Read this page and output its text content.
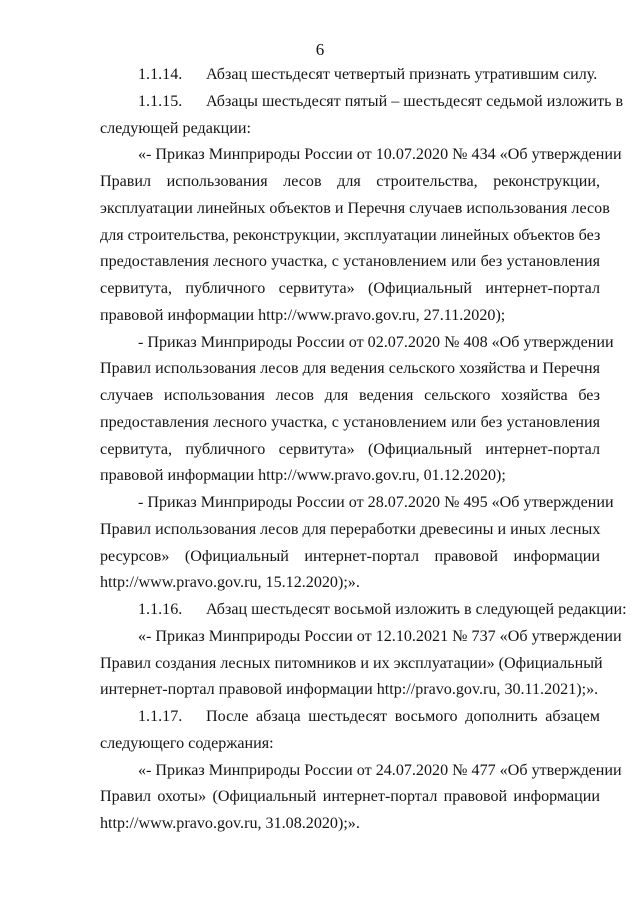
6
1.1.14. Абзац шестьдесят четвертый признать утратившим силу.
1.1.15. Абзацы шестьдесят пятый – шестьдесят седьмой изложить в
следующей редакции:
«- Приказ Минприроды России от 10.07.2020 № 434 «Об утверждении
Правил использования лесов для строительства, реконструкции,
эксплуатации линейных объектов и Перечня случаев использования лесов
для строительства, реконструкции, эксплуатации линейных объектов без
предоставления лесного участка, с установлением или без установления
сервитута, публичного сервитута» (Официальный интернет-портал
правовой информации http://www.pravo.gov.ru, 27.11.2020);
- Приказ Минприроды России от 02.07.2020 № 408 «Об утверждении
Правил использования лесов для ведения сельского хозяйства и Перечня
случаев использования лесов для ведения сельского хозяйства без
предоставления лесного участка, с установлением или без установления
сервитута, публичного сервитута» (Официальный интернет-портал
правовой информации http://www.pravo.gov.ru, 01.12.2020);
- Приказ Минприроды России от 28.07.2020 № 495 «Об утверждении
Правил использования лесов для переработки древесины и иных лесных
ресурсов» (Официальный интернет-портал правовой информации
http://www.pravo.gov.ru, 15.12.2020);».
1.1.16. Абзац шестьдесят восьмой изложить в следующей редакции:
«- Приказ Минприроды России от 12.10.2021 № 737 «Об утверждении
Правил создания лесных питомников и их эксплуатации» (Официальный
интернет-портал правовой информации http://pravo.gov.ru, 30.11.2021);».
1.1.17. После абзаца шестьдесят восьмого дополнить абзацем
следующего содержания:
«- Приказ Минприроды России от 24.07.2020 № 477 «Об утверждении
Правил охоты» (Официальный интернет-портал правовой информации
http://www.pravo.gov.ru, 31.08.2020);».
